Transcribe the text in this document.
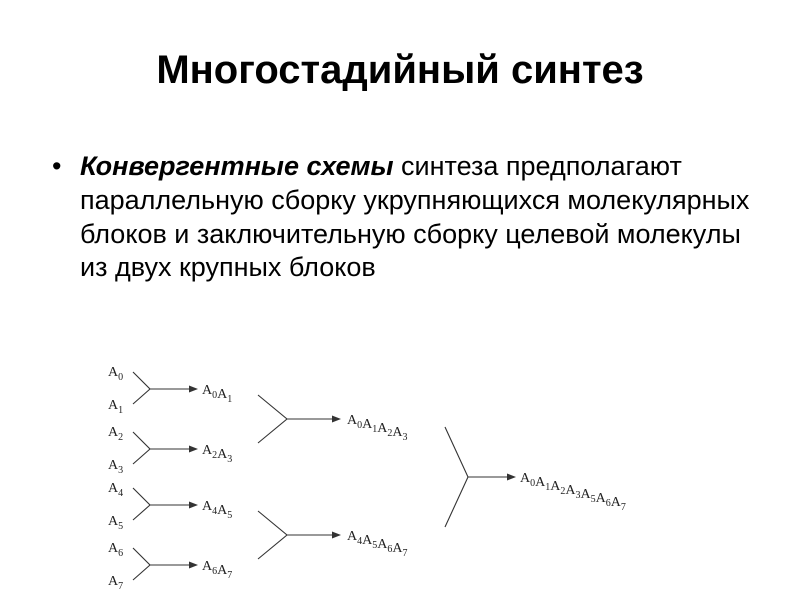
Многостадийный синтез
• Конвергентные схемы синтеза предполагают параллельную сборку укрупняющихся молекулярных блоков и заключительную сборку целевой молекулы из двух крупных блоков
$A_0$
$A_1$
$A_2$
$A_3$
$A_4$
$A_5$
$A_6$
$A_7$
$A_0A_1$
$A_2A_3$
$A_4A_5$
$A_6A_7$
$A_0A_1A_2A_3$
$A_4A_5A_6A_7$
$A_0A_1A_2A_3A_5A_6A_7$
